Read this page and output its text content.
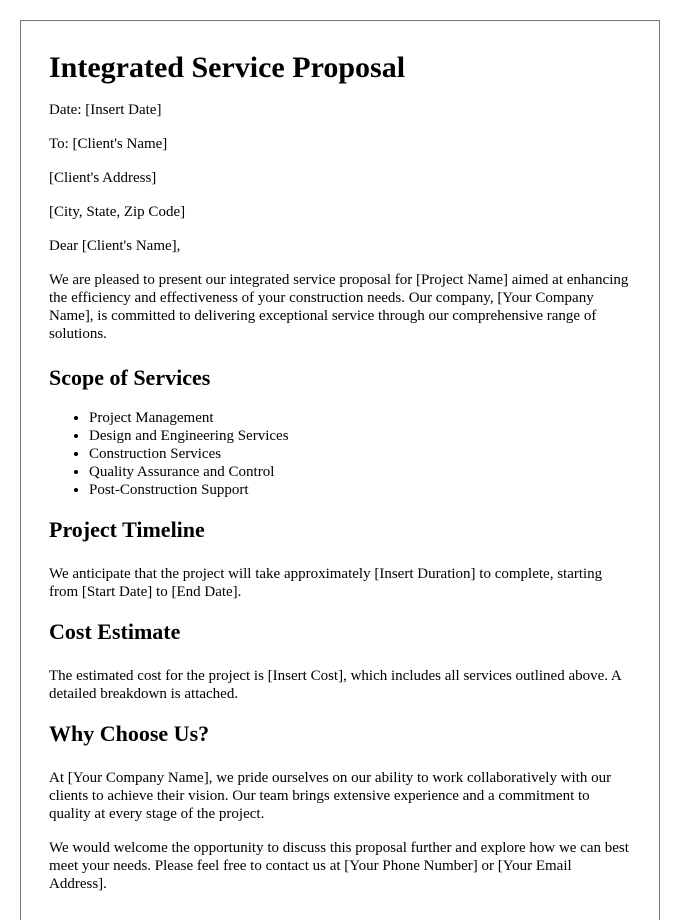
Integrated Service Proposal

Date: [Insert Date]

To: [Client's Name]

[Client's Address]

[City, State, Zip Code]

Dear [Client's Name],

We are pleased to present our integrated service proposal for [Project Name] aimed at enhancing the efficiency and effectiveness of your construction needs. Our company, [Your Company Name], is committed to delivering exceptional service through our comprehensive range of solutions.

Scope of Services
• Project Management
• Design and Engineering Services
• Construction Services
• Quality Assurance and Control
• Post-Construction Support
Project Timeline

We anticipate that the project will take approximately [Insert Duration] to complete, starting from [Start Date] to [End Date].

Cost Estimate

The estimated cost for the project is [Insert Cost], which includes all services outlined above. A detailed breakdown is attached.

Why Choose Us?

At [Your Company Name], we pride ourselves on our ability to work collaboratively with our clients to achieve their vision. Our team brings extensive experience and a commitment to quality at every stage of the project.

We would welcome the opportunity to discuss this proposal further and explore how we can best meet your needs. Please feel free to contact us at [Your Phone Number] or [Your Email Address].
